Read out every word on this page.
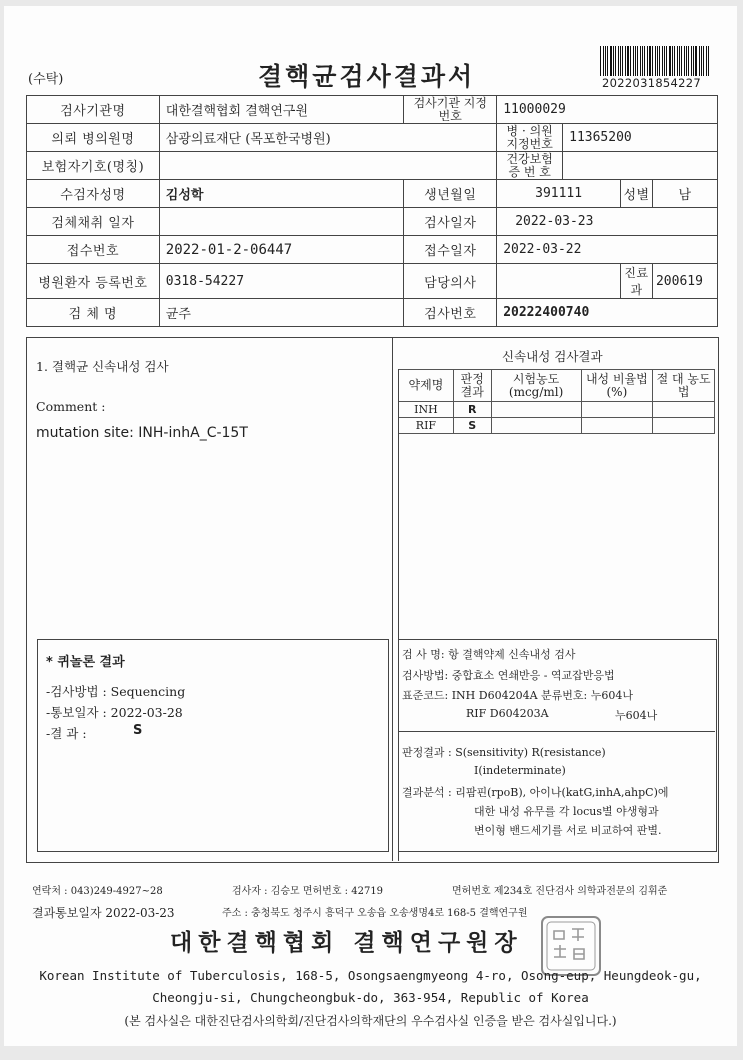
(수탁)	결핵균검사결과서	2022031854227
검사기관명	대한결핵협회 결핵연구원	검사기관 지정번호	11000029			
의뢰 병의원명	삼광의료재단 (목포한국병원)		병 · 의원 지정번호	11365200		
보험자기호(명칭)			건강보험 증 번 호			
수검자성명	김성학	생년월일	391111		성별	남
검체채취 일자		검사일자	2022-03-23			
접수번호	2022-01-2-06447	접수일자	2022-03-22			
병원환자 등록번호	0318-54227	담당의사			진료과	200619
검 체 명	균주	검사번호	20222400740			
1. 결핵균 신속내성 검사
Comment :
mutation site: INH-inhA_C-15T
신속내성 검사결과
약제명	판정 결과	시험농도 (mcg/ml)	내성 비율법(%)	절 대 농도법
INH	R			
RIF	S			
* 퀴놀론 결과
-검사방법 : Sequencing
-통보일자 : 2022-03-28
-결 과 :	S
검 사 명: 항 결핵약제 신속내성 검사
검사방법: 중합효소 연쇄반응 - 역교잡반응법
표준코드: INH D604204A 분류번호: 누604나
RIF D604203A	누604나
판정결과 : S(sensitivity) R(resistance)
I(indeterminate)
결과분석 : 리팜핀(rpoB), 아이나(katG,inhA,ahpC)에
대한 내성 유무를 각 locus별 야생형과
변이형 밴드세기를 서로 비교하여 판별.
연락처 : 043)249-4927~28	검사자 : 김승모 면허번호 : 42719	면허번호 제234호 진단검사 의학과전문의 김휘준
결과통보일자 2022-03-23	주소 : 충청북도 청주시 흥덕구 오송읍 오송생명4로 168-5 결핵연구원
대한결핵협회 결핵연구원장
Korean Institute of Tuberculosis, 168-5, Osongsaengmyeong 4-ro, Osong-eup, Heungdeok-gu,
Cheongju-si, Chungcheongbuk-do, 363-954, Republic of Korea
(본 검사실은 대한진단검사의학회/진단검사의학재단의 우수검사실 인증을 받은 검사실입니다.)
